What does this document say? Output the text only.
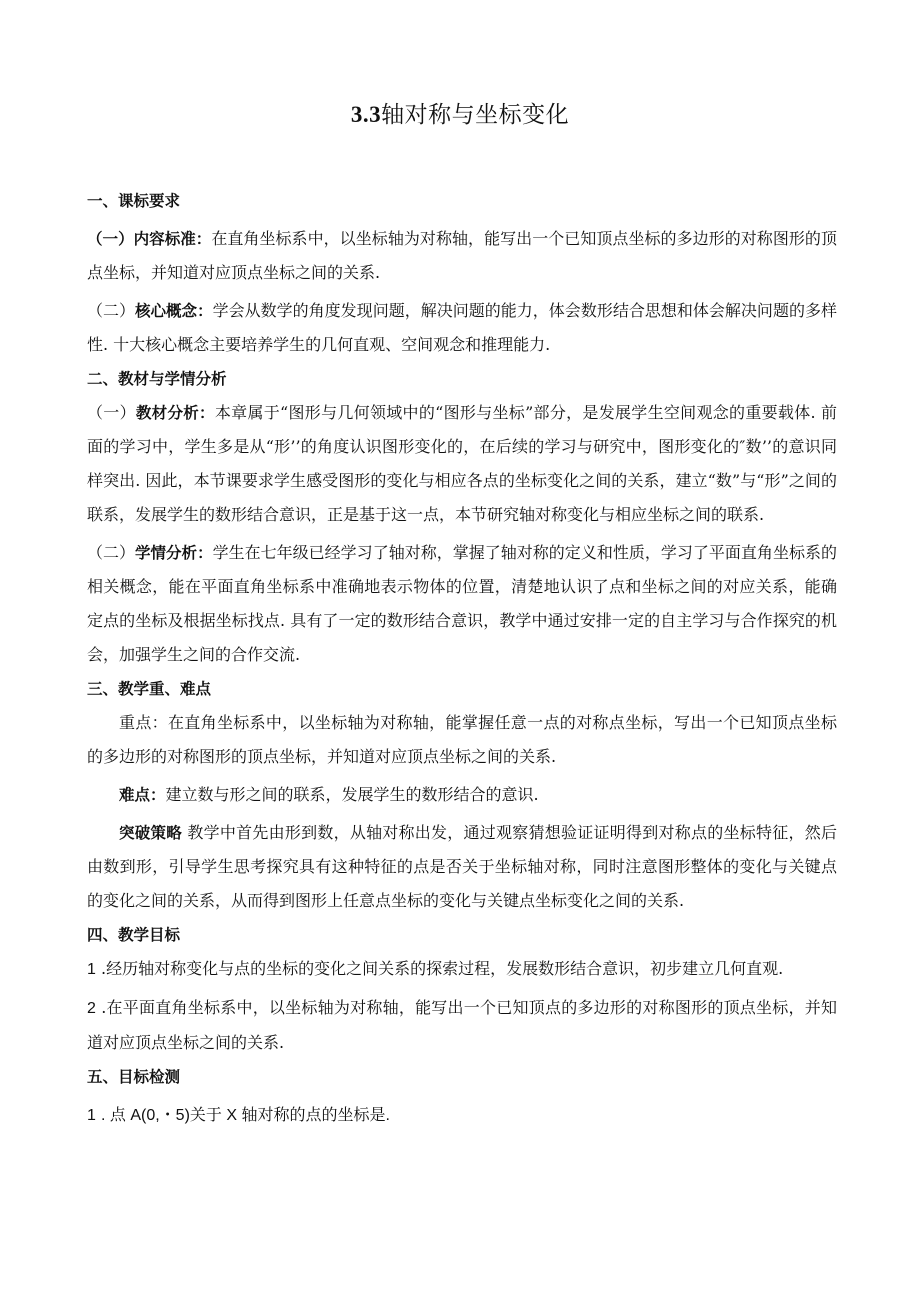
3.3轴对称与坐标变化

一、课标要求

（一）内容标准：在直角坐标系中，以坐标轴为对称轴，能写出一个已知顶点坐标的多边形的对称图形的顶点坐标，并知道对应顶点坐标之间的关系.

（二）核心概念：学会从数学的角度发现问题，解决问题的能力，体会数形结合思想和体会解决问题的多样性. 十大核心概念主要培养学生的几何直观、空间观念和推理能力.

二、教材与学情分析

（一）教材分析：本章属于“图形与几何领域中的“图形与坐标”部分，是发展学生空间观念的重要载体. 前面的学习中，学生多是从“形’’的角度认识图形变化的，在后续的学习与研究中，图形变化的″数’’的意识同样突出. 因此，本节课要求学生感受图形的变化与相应各点的坐标变化之间的关系，建立“数”与“形”之间的联系，发展学生的数形结合意识，正是基于这一点，本节研究轴对称变化与相应坐标之间的联系.

（二）学情分析：学生在七年级已经学习了轴对称，掌握了轴对称的定义和性质，学习了平面直角坐标系的相关概念，能在平面直角坐标系中准确地表示物体的位置，清楚地认识了点和坐标之间的对应关系，能确定点的坐标及根据坐标找点. 具有了一定的数形结合意识，教学中通过安排一定的自主学习与合作探究的机会，加强学生之间的合作交流.

三、教学重、难点

重点：在直角坐标系中，以坐标轴为对称轴，能掌握任意一点的对称点坐标，写出一个已知顶点坐标的多边形的对称图形的顶点坐标，并知道对应顶点坐标之间的关系.

难点：建立数与形之间的联系，发展学生的数形结合的意识.

突破策略 教学中首先由形到数，从轴对称出发，通过观察猜想验证证明得到对称点的坐标特征，然后由数到形，引导学生思考探究具有这种特征的点是否关于坐标轴对称，同时注意图形整体的变化与关键点的变化之间的关系，从而得到图形上任意点坐标的变化与关键点坐标变化之间的关系.

四、教学目标

1 .经历轴对称变化与点的坐标的变化之间关系的探索过程，发展数形结合意识，初步建立几何直观.

2 .在平面直角坐标系中，以坐标轴为对称轴，能写出一个已知顶点的多边形的对称图形的顶点坐标，并知道对应顶点坐标之间的关系.

五、目标检测

1 . 点 A(0,・5)关于 X 轴对称的点的坐标是.
